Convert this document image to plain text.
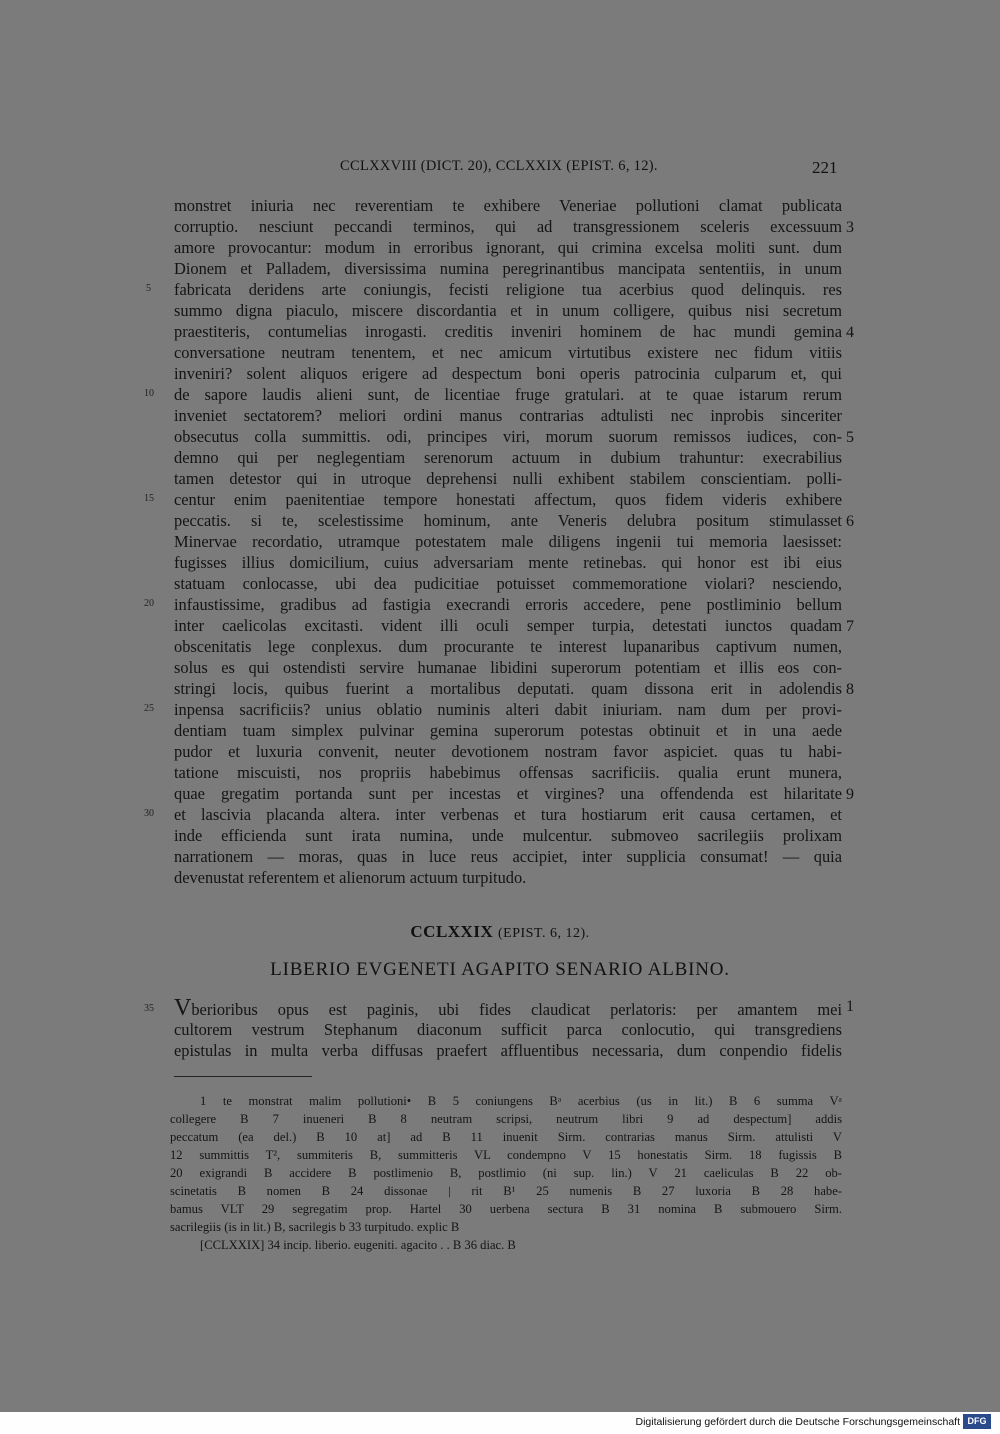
CCLXXVIII (DICT. 20), CCLXXIX (EPIST. 6, 12).	221
monstret iniuria nec reverentiam te exhibere Veneriae pollutioni clamat publicata
corruptio. nesciunt peccandi terminos, qui ad transgressionem sceleris excessuum
amore provocantur: modum in erroribus ignorant, qui crimina excelsa moliti sunt. dum
Dionem et Palladem, diversissima numina peregrinantibus mancipata sententiis, in unum
fabricata deridens arte coniungis, fecisti religione tua acerbius quod delinquis. res
summo digna piaculo, miscere discordantia et in unum colligere, quibus nisi secretum
praestiteris, contumelias inrogasti. creditis inveniri hominem de hac mundi gemina
conversatione neutram tenentem, et nec amicum virtutibus existere nec fidum vitiis
inveniri? solent aliquos erigere ad despectum boni operis patrocinia culparum et, qui
de sapore laudis alieni sunt, de licentiae fruge gratulari. at te quae istarum rerum
inveniet sectatorem? meliori ordini manus contrarias adtulisti nec inprobis sinceriter
obsecutus colla summittis. odi, principes viri, morum suorum remissos iudices, con-
demno qui per neglegentiam serenorum actuum in dubium trahuntur: execrabilius
tamen detestor qui in utroque deprehensi nulli exhibent stabilem conscientiam. polli-
centur enim paenitentiae tempore honestati affectum, quos fidem videris exhibere
peccatis. si te, scelestissime hominum, ante Veneris delubra positum stimulasset
Minervae recordatio, utramque potestatem male diligens ingenii tui memoria laesisset:
fugisses illius domicilium, cuius adversariam mente retinebas. qui honor est ibi eius
statuam conlocasse, ubi dea pudicitiae potuisset commemoratione violari? nesciendo,
infaustissime, gradibus ad fastigia execrandi erroris accedere, pene postliminio bellum
inter caelicolas excitasti. vident illi oculi semper turpia, detestati iunctos quadam
obscenitatis lege conplexus. dum procurante te interest lupanaribus captivum numen,
solus es qui ostendisti servire humanae libidini superorum potentiam et illis eos con-
stringi locis, quibus fuerint a mortalibus deputati. quam dissona erit in adolendis
inpensa sacrificiis? unius oblatio numinis alteri dabit iniuriam. nam dum per provi-
dentiam tuam simplex pulvinar gemina superorum potestas obtinuit et in una aede
pudor et luxuria convenit, neuter devotionem nostram favor aspiciet. quas tu habi-
tatione miscuisti, nos propriis habebimus offensas sacrificiis. qualia erunt munera,
quae gregatim portanda sunt per incestas et virgines? una offendenda est hilaritate
et lascivia placanda altera. inter verbenas et tura hostiarum erit causa certamen, et
inde efficienda sunt irata numina, unde mulcentur. submoveo sacrilegiis prolixam
narrationem — moras, quas in luce reus accipiet, inter supplicia consumat! — quia
devenustat referentem et alienorum actuum turpitudo.
5
10
15
20
25
30
3
4
5
6
7
8
9
CCLXXIX (EPIST. 6, 12).
LIBERIO EVGENETI AGAPITO SENARIO ALBINO.
35	1
Vberioribus opus est paginis, ubi fides claudicat perlatoris: per amantem mei
cultorem vestrum Stephanum diaconum sufficit parca conlocutio, qui transgrediens
epistulas in multa verba diffusas praefert affluentibus necessaria, dum conpendio fidelis
1 te monstrat malim pollutioni• B 5 coniungens Bᵃ acerbius (us in lit.) B 6 summa Vᵃ
collegere B 7 inueneri B 8 neutram scripsi, neutrum libri 9 ad despectum] addis
peccatum (ea del.) B 10 at] ad B 11 inuenit Sirm. contrarias manus Sirm. attulisti V
12 summittis T², summiteris B, summitteris VL condempno V 15 honestatis Sirm. 18 fugissis B
20 exigrandi B accidere B postlimenio B, postlimio (ni sup. lin.) V 21 caeliculas B 22 ob-
scinetatis B nomen B 24 dissonae | rit B¹ 25 numenis B 27 luxoria B 28 habe-
bamus VLT 29 segregatim prop. Hartel 30 uerbena sectura B 31 nomina B submouero Sirm.
sacrilegiis (is in lit.) B, sacrilegis b 33 turpitudo. explic B
[CCLXXIX] 34 incip. liberio. eugeniti. agacito . . B 36 diac. B
Digitalisierung gefördert durch die Deutsche Forschungsgemeinschaft DFG
